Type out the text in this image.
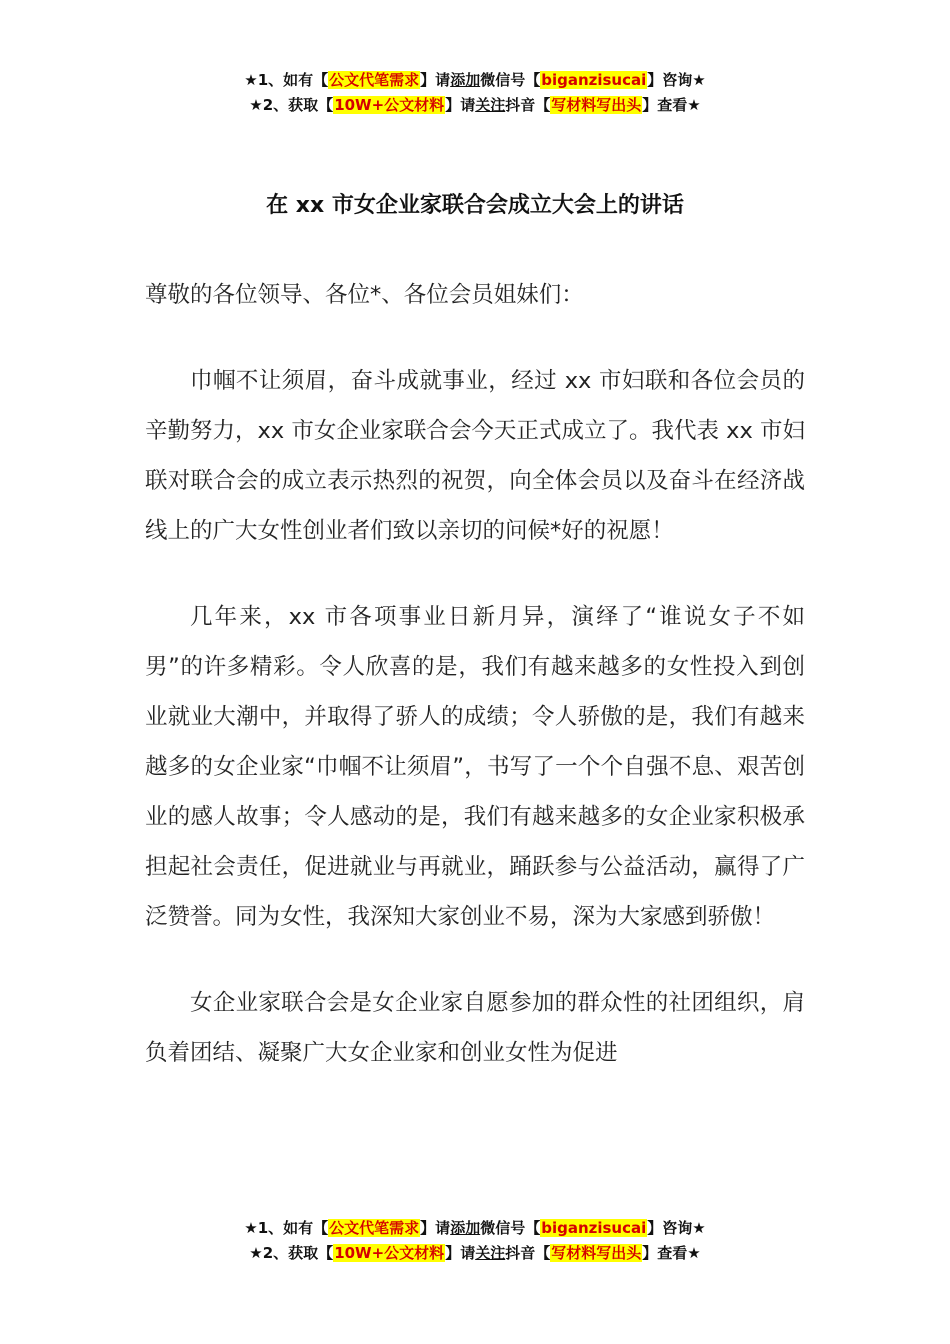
★1、如有【公文代笔需求】请添加微信号【biganzisucai】咨询★
★2、获取【10W+公文材料】请关注抖音【写材料写出头】查看★
在 xx 市女企业家联合会成立大会上的讲话

尊敬的各位领导、各位*、各位会员姐妹们：

巾帼不让须眉，奋斗成就事业，经过 xx 市妇联和各位会员的辛勤努力，xx 市女企业家联合会今天正式成立了。我代表 xx 市妇联对联合会的成立表示热烈的祝贺，向全体会员以及奋斗在经济战线上的广大女性创业者们致以亲切的问候*好的祝愿！

几年来，xx 市各项事业日新月异，演绎了“谁说女子不如男”的许多精彩。令人欣喜的是，我们有越来越多的女性投入到创业就业大潮中，并取得了骄人的成绩；令人骄傲的是，我们有越来越多的女企业家“巾帼不让须眉”，书写了一个个自强不息、艰苦创业的感人故事；令人感动的是，我们有越来越多的女企业家积极承担起社会责任，促进就业与再就业，踊跃参与公益活动，赢得了广泛赞誉。同为女性，我深知大家创业不易，深为大家感到骄傲！

女企业家联合会是女企业家自愿参加的群众性的社团组织，肩负着团结、凝聚广大女企业家和创业女性为促进

★1、如有【公文代笔需求】请添加微信号【biganzisucai】咨询★
★2、获取【10W+公文材料】请关注抖音【写材料写出头】查看★
